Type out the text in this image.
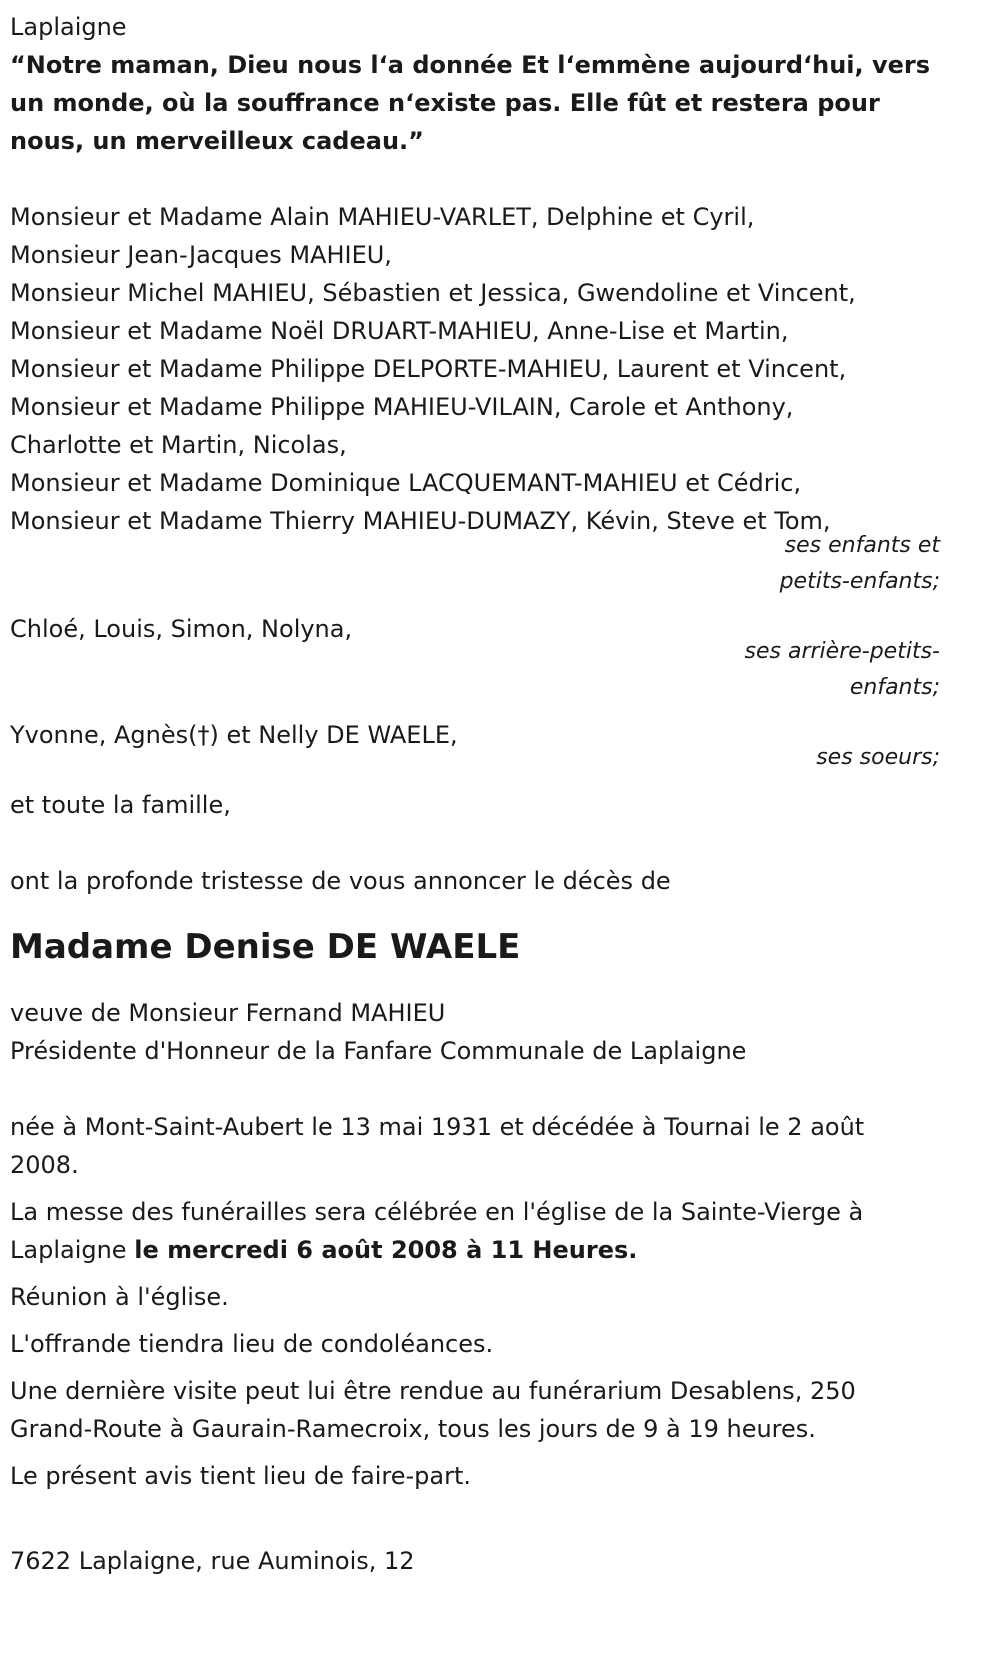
Laplaigne
“Notre maman, Dieu nous l‘a donnée Et l‘emmène aujourd‘hui, vers un monde, où la souffrance n‘existe pas. Elle fût et restera pour nous, un merveilleux cadeau.”
Monsieur et Madame Alain MAHIEU-VARLET, Delphine et Cyril,
Monsieur Jean-Jacques MAHIEU,
Monsieur Michel MAHIEU, Sébastien et Jessica, Gwendoline et Vincent,
Monsieur et Madame Noël DRUART-MAHIEU, Anne-Lise et Martin,
Monsieur et Madame Philippe DELPORTE-MAHIEU, Laurent et Vincent,
Monsieur et Madame Philippe MAHIEU-VILAIN, Carole et Anthony,
Charlotte et Martin, Nicolas,
Monsieur et Madame Dominique LACQUEMANT-MAHIEU et Cédric,
Monsieur et Madame Thierry MAHIEU-DUMAZY, Kévin, Steve et Tom,
ses enfants et
petits-enfants;
Chloé, Louis, Simon, Nolyna,
ses arrière-petits-
enfants;
Yvonne, Agnès(†) et Nelly DE WAELE,
ses soeurs;
et toute la famille,
ont la profonde tristesse de vous annoncer le décès de
Madame Denise DE WAELE
veuve de Monsieur Fernand MAHIEU
Présidente d'Honneur de la Fanfare Communale de Laplaigne
née à Mont-Saint-Aubert le 13 mai 1931 et décédée à Tournai le 2 août 2008.
La messe des funérailles sera célébrée en l'église de la Sainte-Vierge à Laplaigne le mercredi 6 août 2008 à 11 Heures.
Réunion à l'église.
L'offrande tiendra lieu de condoléances.
Une dernière visite peut lui être rendue au funérarium Desablens, 250 Grand-Route à Gaurain-Ramecroix, tous les jours de 9 à 19 heures.
Le présent avis tient lieu de faire-part.
7622 Laplaigne, rue Auminois, 12
